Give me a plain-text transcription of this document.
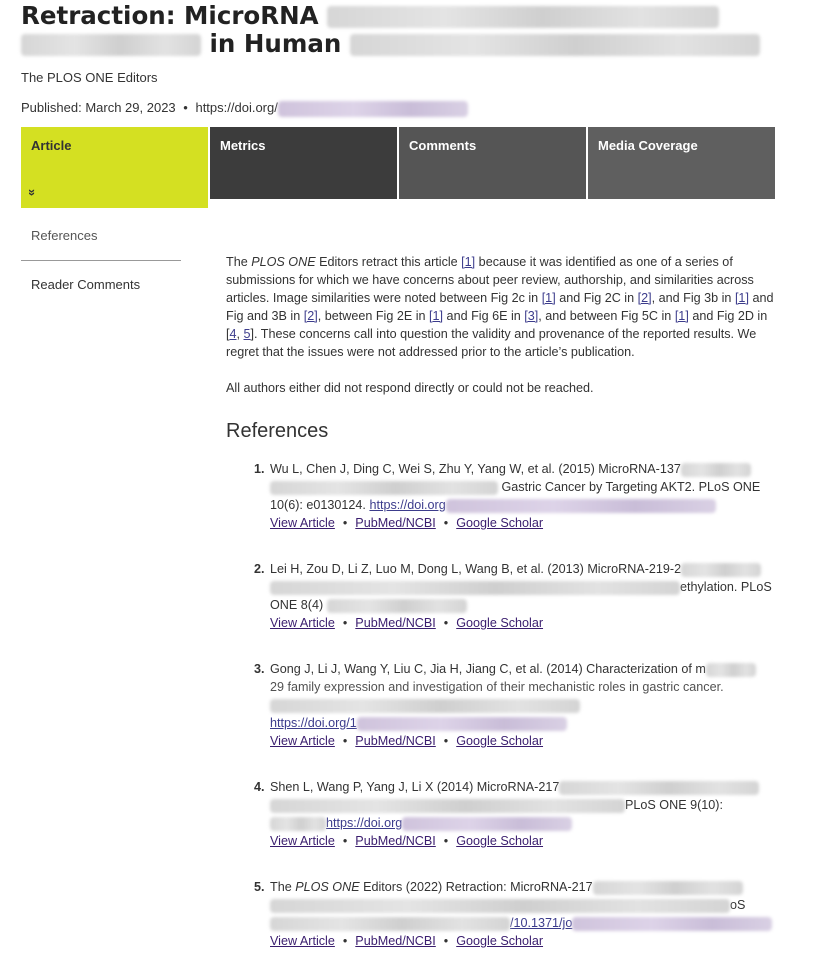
Retraction: MicroRNA
in Human
The PLOS ONE Editors
Published: March 29, 2023 • https://doi.org/
Article
»
Metrics	Comments	Media Coverage
References
Reader Comments

The PLOS ONE Editors retract this article [1] because it was identified as one of a series of submissions for which we have concerns about peer review, authorship, and similarities across articles. Image similarities were noted between Fig 2c in [1] and Fig 2C in [2], and Fig 3b in [1] and Fig and 3B in [2], between Fig 2E in [1] and Fig 6E in [3], and between Fig 5C in [1] and Fig 2D in [4, 5]. These concerns call into question the validity and provenance of the reported results. We regret that the issues were not addressed prior to the article’s publication.

All authors either did not respond directly or could not be reached.

References
1. Wu L, Chen J, Ding C, Wei S, Zhu Y, Yang W, et al. (2015) MicroRNA-137
Gastric Cancer by Targeting AKT2. PLoS ONE
10(6): e0130124. https://doi.org
View Article • PubMed/NCBI • Google Scholar
2. Lei H, Zou D, Li Z, Luo M, Dong L, Wang B, et al. (2013) MicroRNA-219-2
ethylation. PLoS
ONE 8(4)
View Article • PubMed/NCBI • Google Scholar
3. Gong J, Li J, Wang Y, Liu C, Jia H, Jiang C, et al. (2014) Characterization of m
29 family expression and investigation of their mechanistic roles in gastric cancer.

https://doi.org/1
View Article • PubMed/NCBI • Google Scholar
4. Shen L, Wang P, Yang J, Li X (2014) MicroRNA-217
PLoS ONE 9(10):
https://doi.org
View Article • PubMed/NCBI • Google Scholar
5. The PLOS ONE Editors (2022) Retraction: MicroRNA-217
oS
/10.1371/jo
View Article • PubMed/NCBI • Google Scholar
